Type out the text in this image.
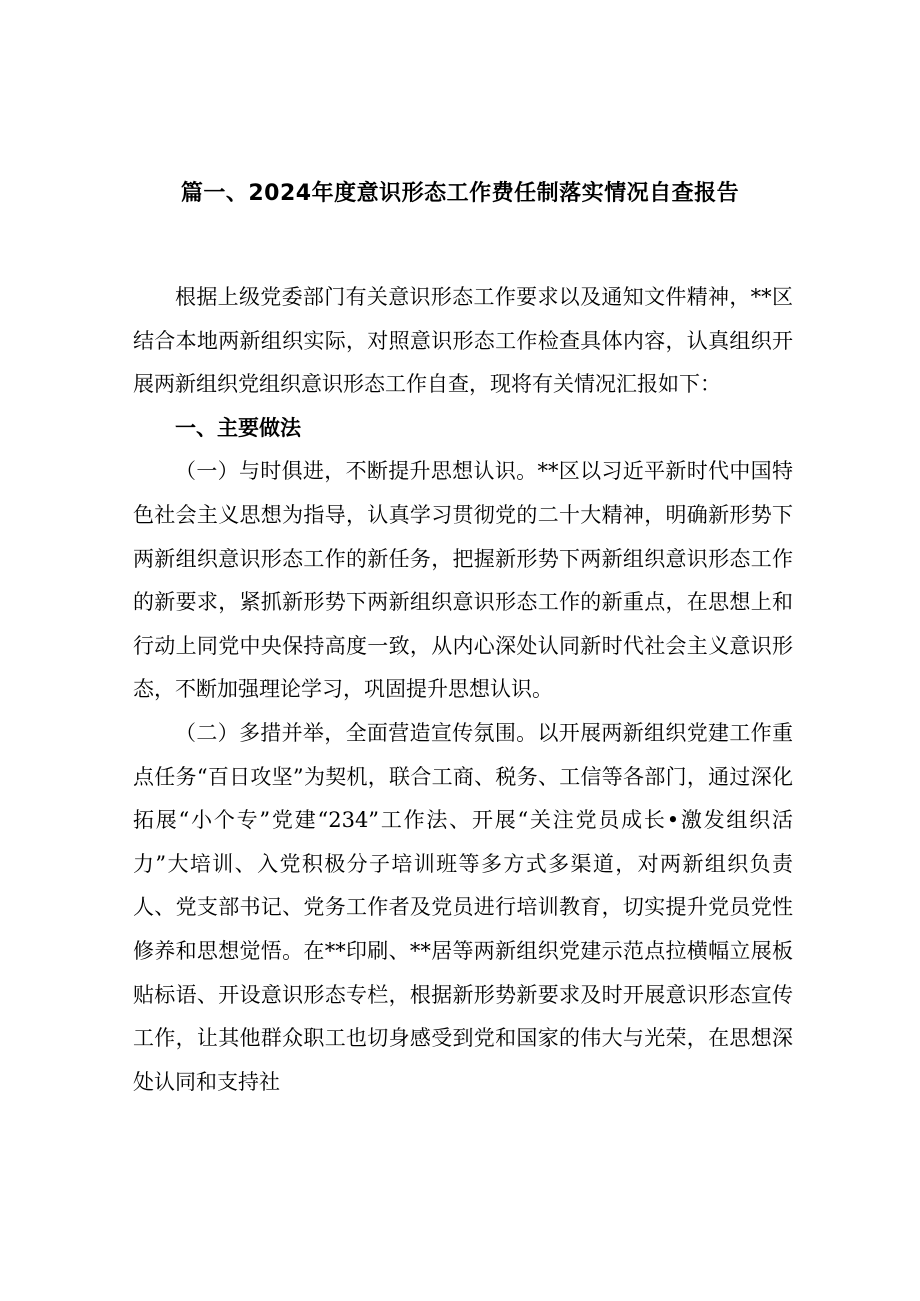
篇一、2024年度意识形态工作费任制落实情况自查报告

根据上级党委部门有关意识形态工作要求以及通知文件精神，**区结合本地两新组织实际，对照意识形态工作检查具体内容，认真组织开展两新组织党组织意识形态工作自查，现将有关情况汇报如下：

一、主要做法

（一）与时俱进，不断提升思想认识。**区以习近平新时代中国特色社会主义思想为指导，认真学习贯彻党的二十大精神，明确新形势下两新组织意识形态工作的新任务，把握新形势下两新组织意识形态工作的新要求，紧抓新形势下两新组织意识形态工作的新重点，在思想上和行动上同党中央保持高度一致，从内心深处认同新时代社会主义意识形态，不断加强理论学习，巩固提升思想认识。

（二）多措并举，全面营造宣传氛围。以开展两新组织党建工作重点任务“百日攻坚”为契机，联合工商、税务、工信等各部门，通过深化拓展“小个专”党建“234”工作法、开展“关注党员成长•激发组织活力”大培训、入党积极分子培训班等多方式多渠道，对两新组织负责人、党支部书记、党务工作者及党员进行培训教育，切实提升党员党性修养和思想觉悟。在**印刷、**居等两新组织党建示范点拉横幅立展板贴标语、开设意识形态专栏，根据新形势新要求及时开展意识形态宣传工作，让其他群众职工也切身感受到党和国家的伟大与光荣，在思想深处认同和支持社
